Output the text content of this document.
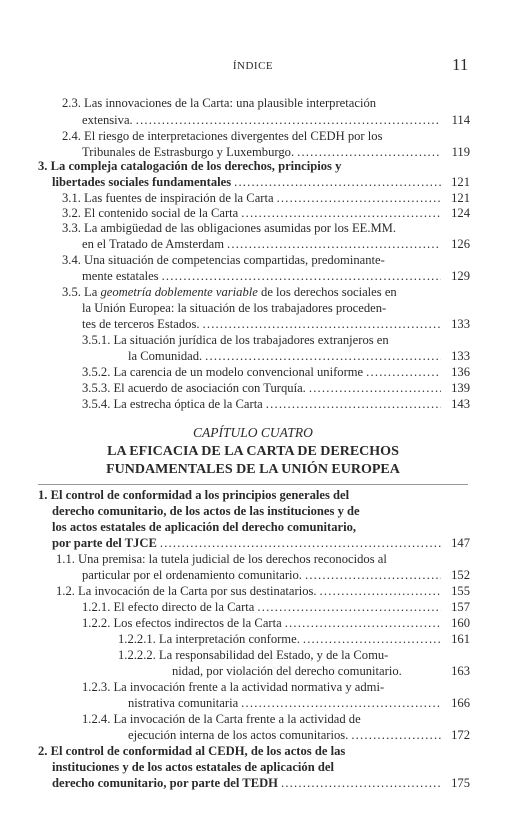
ÍNDICE	11
2.3. Las innovaciones de la Carta: una plausible interpretación
extensiva. .....	114
2.4. El riesgo de interpretaciones divergentes del CEDH por los
Tribunales de Estrasburgo y Luxemburgo. .....	119
3. La compleja catalogación de los derechos, principios y
libertades sociales fundamentales .....	121
3.1. Las fuentes de inspiración de la Carta .....	121
3.2. El contenido social de la Carta .....	124
3.3. La ambigüedad de las obligaciones asumidas por los EE.MM.
en el Tratado de Amsterdam .....	126
3.4. Una situación de competencias compartidas, predominante-
mente estatales .....	129
3.5. La geometría doblemente variable de los derechos sociales en
la Unión Europea: la situación de los trabajadores proceden-
tes de terceros Estados. .....	133
3.5.1. La situación jurídica de los trabajadores extranjeros en
la Comunidad. .....	133
3.5.2. La carencia de un modelo convencional uniforme .....	136
3.5.3. El acuerdo de asociación con Turquía. .....	139
3.5.4. La estrecha óptica de la Carta .....	143
CAPÍTULO CUATRO
LA EFICACIA DE LA CARTA DE DERECHOS
FUNDAMENTALES DE LA UNIÓN EUROPEA
1. El control de conformidad a los principios generales del
derecho comunitario, de los actos de las instituciones y de
los actos estatales de aplicación del derecho comunitario,
por parte del TJCE .....	147
1.1. Una premisa: la tutela judicial de los derechos reconocidos al
particular por el ordenamiento comunitario. .....	152
1.2. La invocación de la Carta por sus destinatarios. .....	155
1.2.1. El efecto directo de la Carta .....	157
1.2.2. Los efectos indirectos de la Carta .....	160
1.2.2.1. La interpretación conforme. .....	161
1.2.2.2. La responsabilidad del Estado, y de la Comu-
nidad, por violación del derecho comunitario.	163
1.2.3. La invocación frente a la actividad normativa y admi-
nistrativa comunitaria .....	166
1.2.4. La invocación de la Carta frente a la actividad de
ejecución interna de los actos comunitarios. .....	172
2. El control de conformidad al CEDH, de los actos de las
instituciones y de los actos estatales de aplicación del
derecho comunitario, por parte del TEDH .....	175
